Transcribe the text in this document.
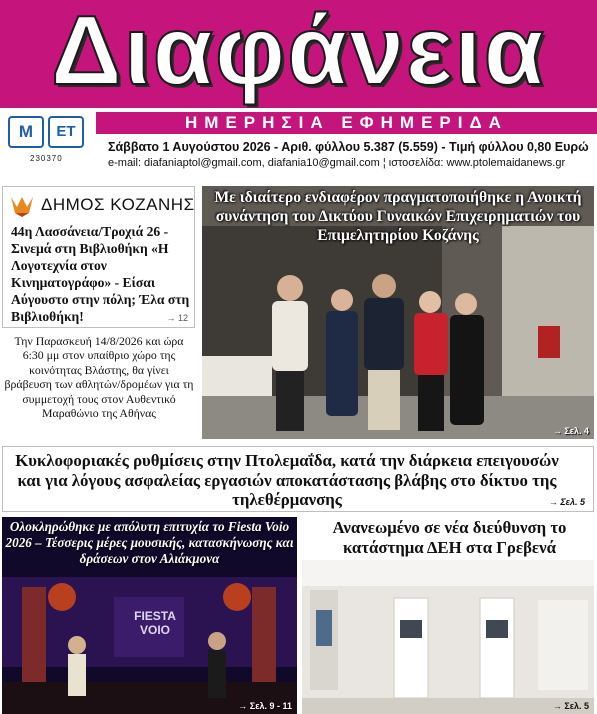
Διαφάνεια
Μ	ΕΤ
230370
ΗΜΕΡΗΣΙΑ ΕΦΗΜΕΡΙΔΑ
Σάββατο 1 Αυγούστου 2026 - Αριθ. φύλλου 5.387 (5.559) - Τιμή φύλλου 0,80 Ευρώ
e-mail: diafaniaptol@gmail.com, diafania10@gmail.com ¦ ιστοσελίδα: www.ptolemaidanews.gr
ΔΗΜΟΣ ΚΟΖΑΝΗΣ
44η Λασσάνεια/Τροχιά 26 - Σινεμά στη Βιβλιοθήκη «Η Λογοτεχνία στον Κινηματογράφο» - Είσαι Αύγουστο στην πόλη; Έλα στη Βιβλιοθήκη!	→ 12
Την Παρασκευή 14/8/2026 και ώρα 6:30 μμ στον υπαίθριο χώρο της κοινότητας Βλάστης, θα γίνει βράβευση των αθλητών/δρομέων για τη συμμετοχή τους στον Αυθεντικό Μαραθώνιο της Αθήνας
Με ιδιαίτερο ενδιαφέρον πραγματοποιήθηκε η Ανοικτή συνάντηση του Δικτύου Γυναικών Επιχειρηματιών του Επιμελητηρίου Κοζάνης
→ Σελ. 4
Κυκλοφοριακές ρυθμίσεις στην Πτολεμαΐδα, κατά την διάρκεια επειγουσών και για λόγους ασφαλείας εργασιών αποκατάστασης βλάβης στο δίκτυο της τηλεθέρμανσης	→ Σελ. 5
FIESTA VOIO
Ολοκληρώθηκε με απόλυτη επιτυχία το Fiesta Voio 2026 – Τέσσερις μέρες μουσικής, κατασκήνωσης και δράσεων στον Αλιάκμονα
→ Σελ. 9 - 11
Ανανεωμένο σε νέα διεύθυνση το κατάστημα ΔΕΗ στα Γρεβενά
→ Σελ. 5
